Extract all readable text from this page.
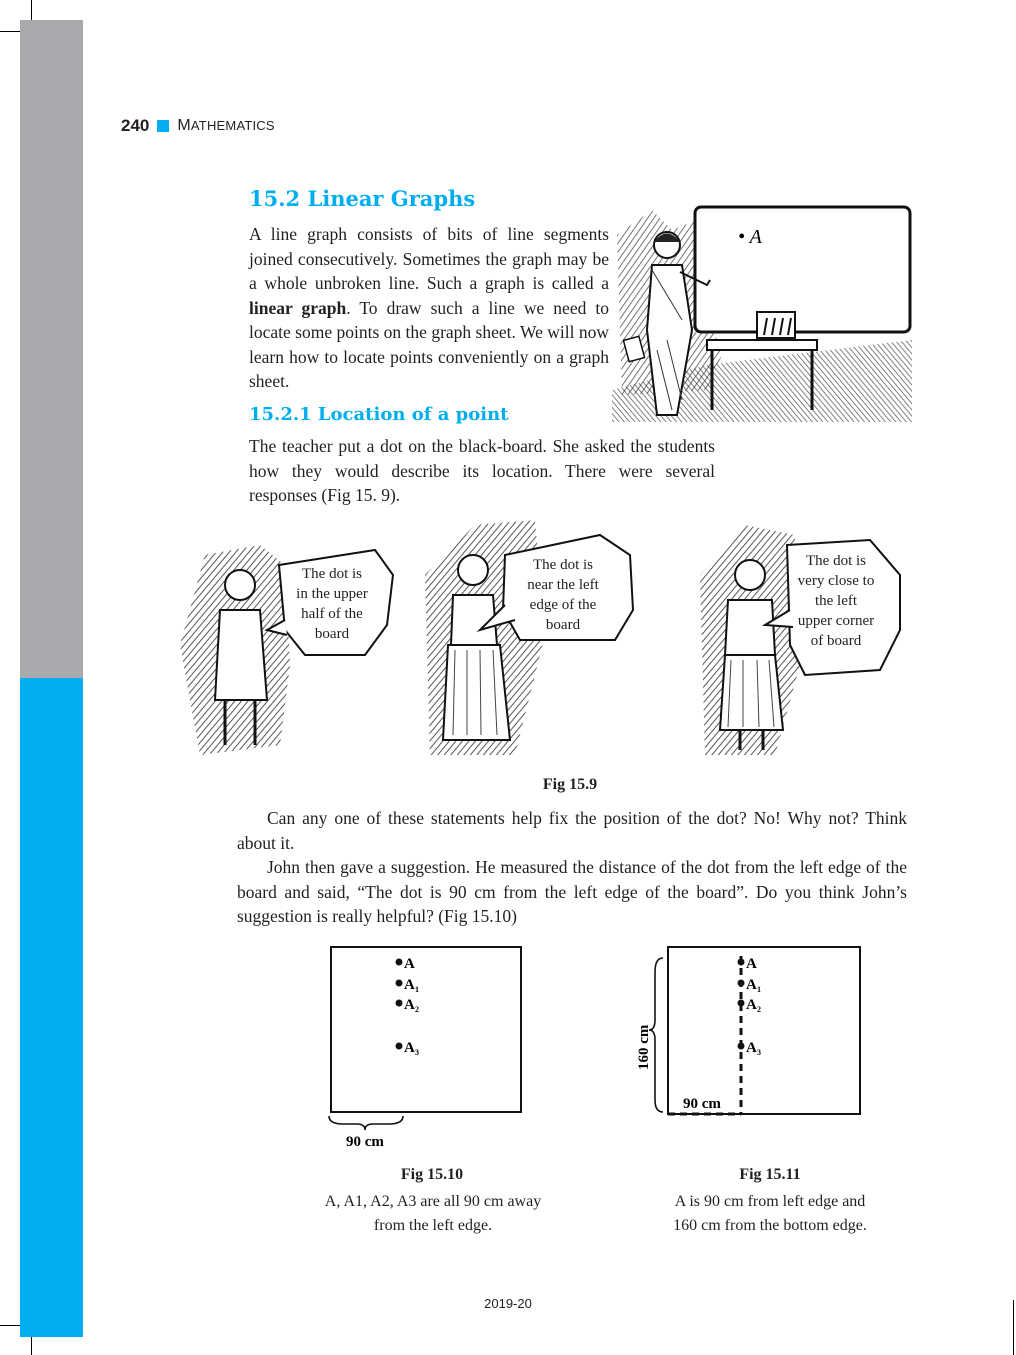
240 MATHEMATICS
15.2 Linear Graphs
A line graph consists of bits of line segments joined consecutively. Sometimes the graph may be a whole unbroken line. Such a graph is called a linear graph. To draw such a line we need to locate some points on the graph sheet. We will now learn how to locate points conveniently on a graph sheet.
• A
15.2.1 Location of a point
The teacher put a dot on the black-board. She asked the students how they would describe its location. There were several responses (Fig 15. 9).
The dot is
in the upper
half of the
board
The dot is
near the left
edge of the
board
The dot is
very close to
the left
upper corner
of board
Fig 15.9

Can any one of these statements help fix the position of the dot? No! Why not? Think about it.

John then gave a suggestion. He measured the distance of the dot from the left edge of the board and said, “The dot is 90 cm from the left edge of the board”. Do you think John’s suggestion is really helpful? (Fig 15.10)

A
A 1
A 2
A 3
90 cm
Fig 15.10
A, A1, A2, A3 are all 90 cm away
from the left edge.
A
A 1
A 2
A 3
160 cm
90 cm
Fig 15.11
A is 90 cm from left edge and
160 cm from the bottom edge.
2019-20
